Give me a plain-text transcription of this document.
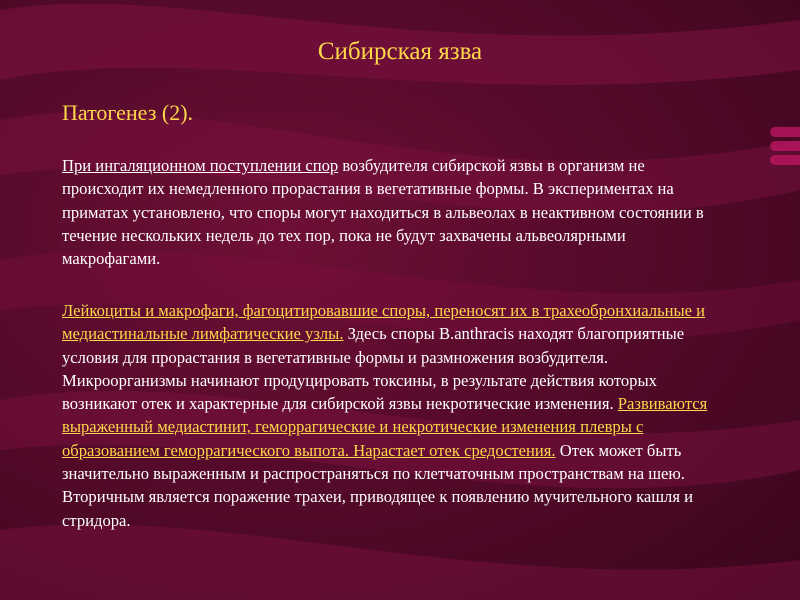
Сибирская язва
Патогенез (2).

При ингаляционном поступлении спор возбудителя сибирской язвы в организм не происходит их немедленного прорастания в вегетативные формы. В экспериментах на приматах установлено, что споры могут находиться в альвеолах в неактивном состоянии в течение нескольких недель до тех пор, пока не будут захвачены альвеолярными макрофагами.

Лейкоциты и макрофаги, фагоцитировавшие споры, переносят их в трахеобронхиальные и медиастинальные лимфатические узлы. Здесь споры B.anthracis находят благоприятные условия для прорастания в вегетативные формы и размножения возбудителя. Микроорганизмы начинают продуцировать токсины, в результате действия которых возникают отек и характерные для сибирской язвы некротические изменения. Развиваются выраженный медиастинит, геморрагические и некротические изменения плевры с образованием геморрагического выпота. Нарастает отек средостения. Отек может быть значительно выраженным и распространяться по клетчаточным пространствам на шею. Вторичным является поражение трахеи, приводящее к появлению мучительного кашля и стридора.
